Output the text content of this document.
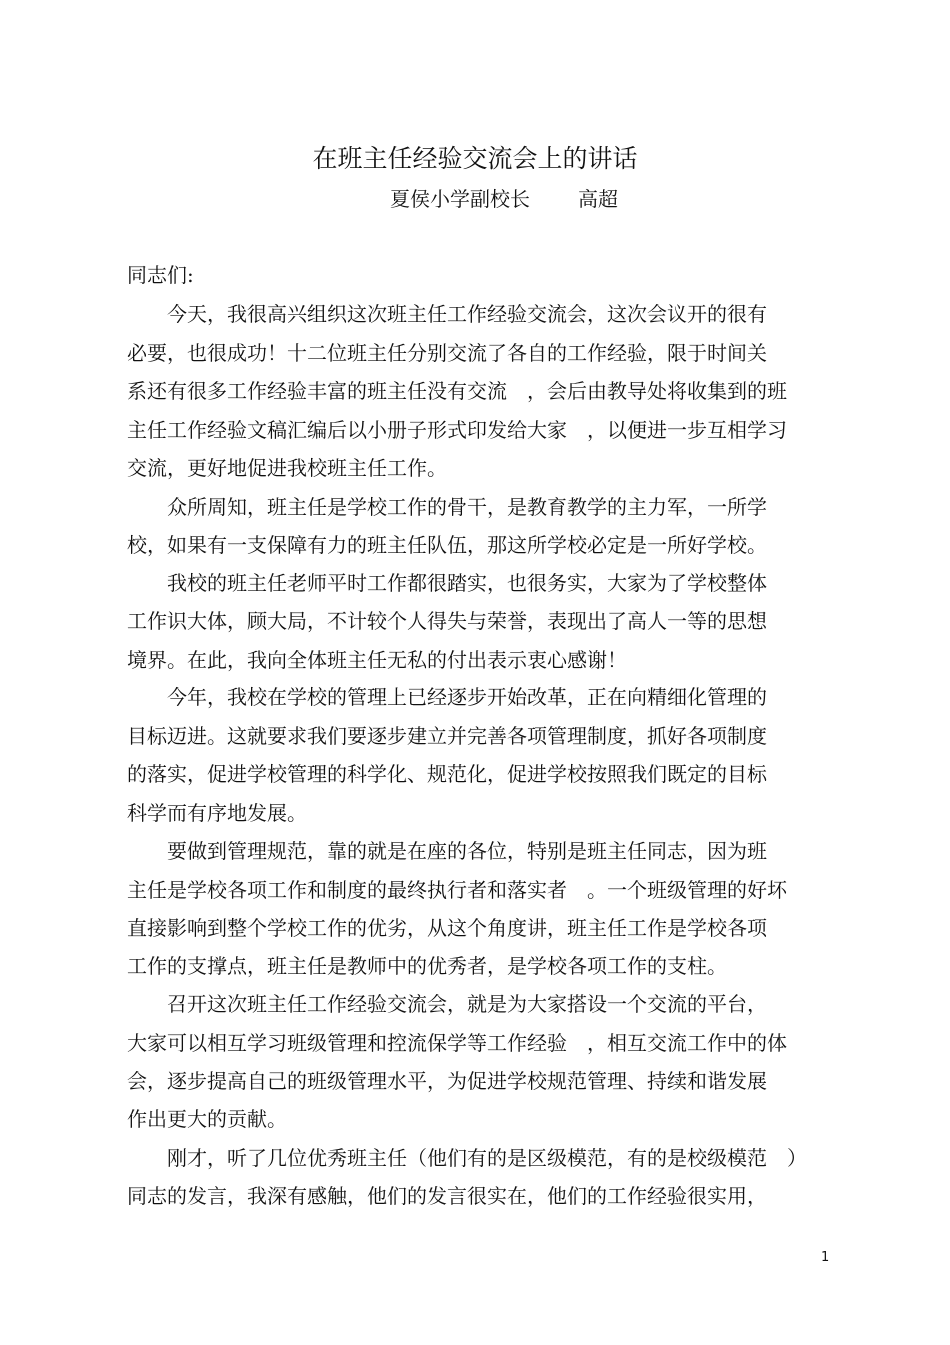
在班主任经验交流会上的讲话
夏侯小学副校长 高超

同志们:

　　今天，我很高兴组织这次班主任工作经验交流会，这次会议开的很有

必要，也很成功！十二位班主任分别交流了各自的工作经验，限于时间关

系还有很多工作经验丰富的班主任没有交流　，会后由教导处将收集到的班

主任工作经验文稿汇编后以小册子形式印发给大家　，以便进一步互相学习

交流，更好地促进我校班主任工作。

　　众所周知，班主任是学校工作的骨干，是教育教学的主力军，一所学

校，如果有一支保障有力的班主任队伍，那这所学校必定是一所好学校。

　　我校的班主任老师平时工作都很踏实，也很务实，大家为了学校整体

工作识大体，顾大局，不计较个人得失与荣誉，表现出了高人一等的思想

境界。在此，我向全体班主任无私的付出表示衷心感谢！

　　今年，我校在学校的管理上已经逐步开始改革，正在向精细化管理的

目标迈进。这就要求我们要逐步建立并完善各项管理制度，抓好各项制度

的落实，促进学校管理的科学化、规范化，促进学校按照我们既定的目标

科学而有序地发展。

　　要做到管理规范，靠的就是在座的各位，特别是班主任同志，因为班

主任是学校各项工作和制度的最终执行者和落实者　。一个班级管理的好坏

直接影响到整个学校工作的优劣，从这个角度讲，班主任工作是学校各项

工作的支撑点，班主任是教师中的优秀者，是学校各项工作的支柱。

　　召开这次班主任工作经验交流会，就是为大家搭设一个交流的平台，

大家可以相互学习班级管理和控流保学等工作经验　，相互交流工作中的体

会，逐步提高自己的班级管理水平，为促进学校规范管理、持续和谐发展

作出更大的贡献。

　　刚才，听了几位优秀班主任（他们有的是区级模范，有的是校级模范　）

同志的发言，我深有感触，他们的发言很实在，他们的工作经验很实用，

1
